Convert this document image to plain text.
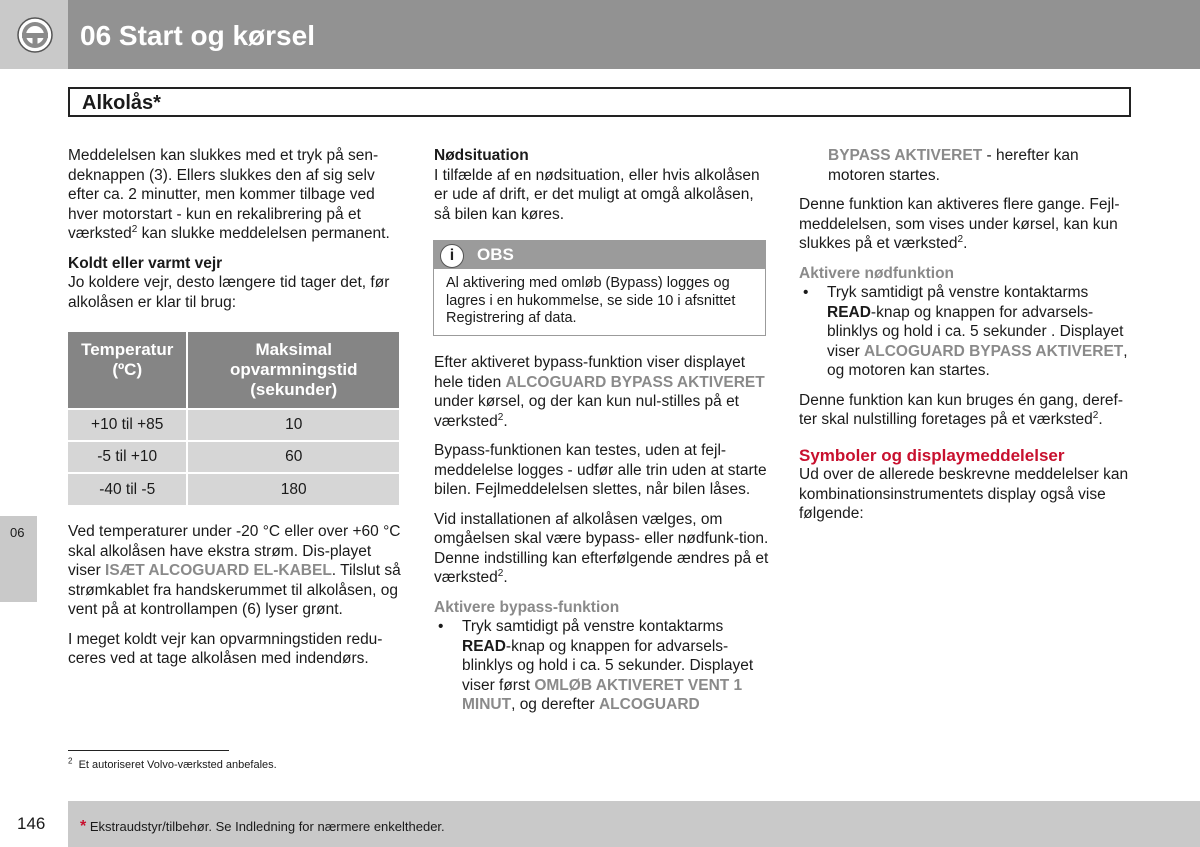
06 Start og kørsel
Alkolås*

Meddelelsen kan slukkes med et tryk på sen-deknappen (3). Ellers slukkes den af sig selv efter ca. 2 minutter, men kommer tilbage ved hver motorstart - kun en rekalibrering på et værksted$^2$ kan slukke meddelelsen permanent.

Koldt eller varmt vejr

Jo koldere vejr, desto længere tid tager det, før alkolåsen er klar til brug:

Temperatur (ºC)	Maksimal opvarmningstid (sekunder)
+10 til +85	10
-5 til +10	60
-40 til -5	180

Ved temperaturer under -20 °C eller over +60 °C skal alkolåsen have ekstra strøm. Dis-playet viser ISÆT ALCOGUARD EL-KABEL. Tilslut så strømkablet fra handskerummet til alkolåsen, og vent på at kontrollampen (6) lyser grønt.

I meget koldt vejr kan opvarmningstiden redu-ceres ved at tage alkolåsen med indendørs.

Nødsituation

I tilfælde af en nødsituation, eller hvis alkolåsen er ude af drift, er det muligt at omgå alkolåsen, så bilen kan køres.

i	OBS
Al aktivering med omløb (Bypass) logges og lagres i en hukommelse, se side 10 i afsnittet Registrering af data.

Efter aktiveret bypass-funktion viser displayet hele tiden ALCOGUARD BYPASS AKTIVERET under kørsel, og der kan kun nul-stilles på et værksted$^2$.

Bypass-funktionen kan testes, uden at fejl-meddelelse logges - udfør alle trin uden at starte bilen. Fejlmeddelelsen slettes, når bilen låses.

Vid installationen af alkolåsen vælges, om omgåelsen skal være bypass- eller nødfunk-tion. Denne indstilling kan efterfølgende ændres på et værksted$^2$.

Aktivere bypass-funktion
• Tryk samtidigt på venstre kontaktarms READ-knap og knappen for advarsels-blinklys og hold i ca. 5 sekunder. Displayet viser først OMLØB AKTIVERET VENT 1 MINUT, og derefter ALCOGUARD

BYPASS AKTIVERET - herefter kan motoren startes.

Denne funktion kan aktiveres flere gange. Fejl-meddelelsen, som vises under kørsel, kan kun slukkes på et værksted$^2$.

Aktivere nødfunktion
• Tryk samtidigt på venstre kontaktarms READ-knap og knappen for advarsels-blinklys og hold i ca. 5 sekunder . Displayet viser ALCOGUARD BYPASS AKTIVERET, og motoren kan startes.

Denne funktion kan kun bruges én gang, deref-ter skal nulstilling foretages på et værksted$^2$.

Symboler og displaymeddelelser

Ud over de allerede beskrevne meddelelser kan kombinationsinstrumentets display også vise følgende:

06
$^2$ Et autoriseret Volvo-værksted anbefales.
146 * Ekstraudstyr/tilbehør. Se Indledning for nærmere enkeltheder.
